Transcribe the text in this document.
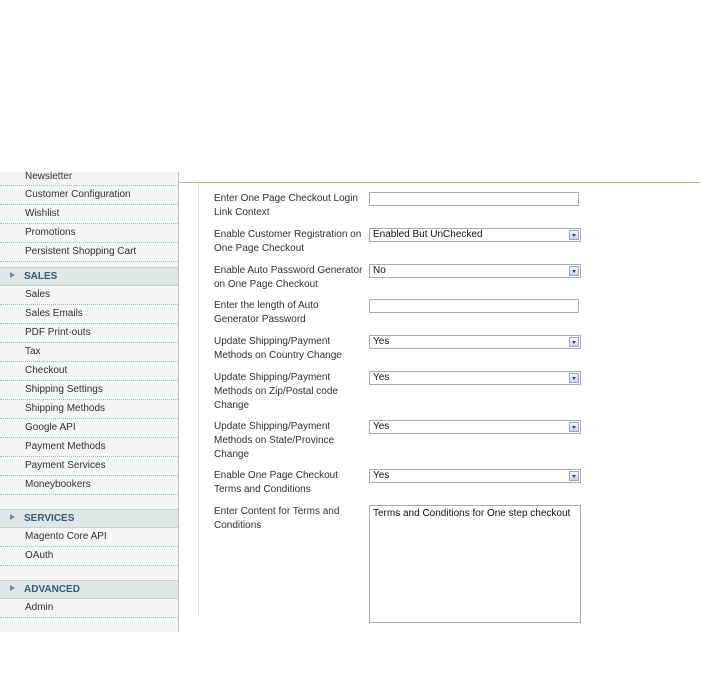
Newsletter
Customer Configuration
Wishlist
Promotions
Persistent Shopping Cart
SALES
Sales
Sales Emails
PDF Print-outs
Tax
Checkout
Shipping Settings
Shipping Methods
Google API
Payment Methods
Payment Services
Moneybookers
SERVICES
Magento Core API
OAuth
ADVANCED
Admin
Enter One Page Checkout Login Link Context
Enable Customer Registration on One Page Checkout
Enabled But UnChecked
Enable Auto Password Generator on One Page Checkout
No
Enter the length of Auto Generator Password
Update Shipping/Payment Methods on Country Change
Yes
Update Shipping/Payment Methods on Zip/Postal code Change
Yes
Update Shipping/Payment Methods on State/Province Change
Yes
Enable One Page Checkout Terms and Conditions
Yes
Enter Content for Terms and Conditions
Terms and Conditions for One step checkout
